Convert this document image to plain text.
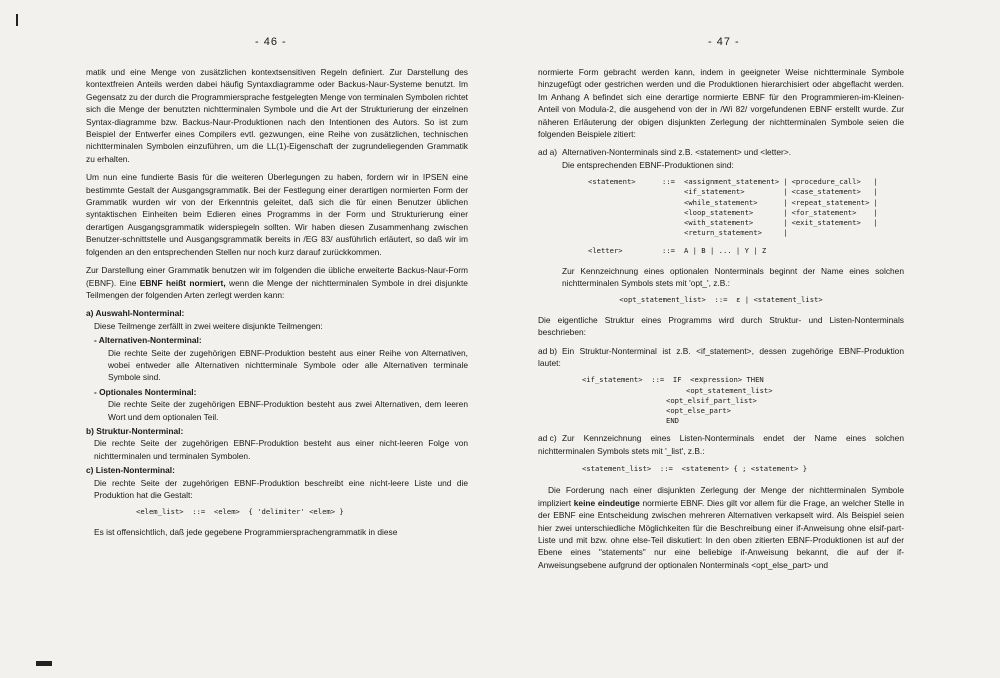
- 46 -

matik und eine Menge von zusätzlichen kontextsensitiven Regeln definiert. Zur Darstellung des kontextfreien Anteils werden dabei häufig Syntaxdiagramme oder Backus-Naur-Systeme benutzt. Im Gegensatz zu der durch die Programmiersprache festgelegten Menge von terminalen Symbolen richtet sich die Menge der benutzten nichtterminalen Symbole und die Art der Strukturierung der einzelnen Syntax-diagramme bzw. Backus-Naur-Produktionen nach den Intentionen des Autors. So ist zum Beispiel der Entwerfer eines Compilers evtl. gezwungen, eine Reihe von zusätzlichen, technischen nichtterminalen Symbolen einzuführen, um die LL(1)-Eigenschaft der zugrundeliegenden Grammatik zu erhalten.

Um nun eine fundierte Basis für die weiteren Überlegungen zu haben, fordern wir in IPSEN eine bestimmte Gestalt der Ausgangsgrammatik. Bei der Festlegung einer derartigen normierten Form der Grammatik wurden wir von der Erkenntnis geleitet, daß sich die für einen Benutzer üblichen syntaktischen Einheiten beim Edieren eines Programms in der Form und Strukturierung einer derartigen Ausgangsgrammatik widerspiegeln sollten. Wir haben diesen Zusammenhang zwischen Benutzer-schnittstelle und Ausgangsgrammatik bereits in /EG 83/ ausführlich erläutert, so daß wir im folgenden an den entsprechenden Stellen nur noch kurz darauf zurückkommen.

Zur Darstellung einer Grammatik benutzen wir im folgenden die übliche erweiterte Backus-Naur-Form (EBNF). Eine EBNF heißt normiert, wenn die Menge der nichtterminalen Symbole in drei disjunkte Teilmengen der folgenden Arten zerlegt werden kann:

a) Auswahl-Nonterminal:
Diese Teilmenge zerfällt in zwei weitere disjunkte Teilmengen:
- Alternativen-Nonterminal:
Die rechte Seite der zugehörigen EBNF-Produktion besteht aus einer Reihe von Alternativen, wobei entweder alle Alternativen nichtterminale Symbole oder alle Alternativen terminale Symbole sind.
- Optionales Nonterminal:
Die rechte Seite der zugehörigen EBNF-Produktion besteht aus zwei Alternativen, dem leeren Wort und dem optionalen Teil.
b) Struktur-Nonterminal:
Die rechte Seite der zugehörigen EBNF-Produktion besteht aus einer nicht-leeren Folge von nichtterminalen und terminalen Symbolen.
c) Listen-Nonterminal:
Die rechte Seite der zugehörigen EBNF-Produktion beschreibt eine nicht-leere Liste und die Produktion hat die Gestalt:
<elem_list>  ::=  <elem>  { 'delimiter' <elem> }
Es ist offensichtlich, daß jede gegebene Programmiersprachengrammatik in diese
- 47 -

normierte Form gebracht werden kann, indem in geeigneter Weise nichtterminale Symbole hinzugefügt oder gestrichen werden und die Produktionen hierarchisiert oder abgeflacht werden. Im Anhang A befindet sich eine derartige normierte EBNF für den Programmieren-im-Kleinen-Anteil von Modula-2, die ausgehend von der in /Wi 82/ vorgefundenen EBNF erstellt wurde. Zur näheren Erläuterung der obigen disjunkten Zerlegung der nichtterminalen Symbole seien die folgenden Beispiele zitiert:

ad a) Alternativen-Nonterminals sind z.B. <statement> und <letter>.
Die entsprechenden EBNF-Produktionen sind:
<statement>	::=	<assignment_statement>	|	<procedure_call>	|
<if_statement>	|	<case_statement>	|
<while_statement>	|	<repeat_statement>	|
<loop_statement>	|	<for_statement>	|
<with_statement>	|	<exit_statement>	|
<return_statement>	|		
<letter>	::=	A | B | ... | Y | Z
Zur Kennzeichnung eines optionalen Nonterminals beginnt der Name eines solchen nichtterminalen Symbols stets mit 'opt_', z.B.:
<opt_statement_list>  ::=  ε | <statement_list>

Die eigentliche Struktur eines Programms wird durch Struktur- und Listen-Nonterminals beschrieben:

ad b) Ein Struktur-Nonterminal ist z.B. <if_statement>, dessen zugehörige EBNF-Produktion lautet:
<if_statement>  ::=  IF  <expression> THEN
<opt_statement_list>
<opt_elsif_part_list>
<opt_else_part>
END
ad c) Zur Kennzeichnung eines Listen-Nonterminals endet der Name eines solchen nichtterminalen Symbols stets mit '_list', z.B.:
<statement_list>  ::=  <statement> { ; <statement> }

Die Forderung nach einer disjunkten Zerlegung der Menge der nichtterminalen Symbole impliziert keine eindeutige normierte EBNF. Dies gilt vor allem für die Frage, an welcher Stelle in der EBNF eine Entscheidung zwischen mehreren Alternativen verkapselt wird. Als Beispiel seien hier zwei unterschiedliche Möglichkeiten für die Beschreibung einer if-Anweisung ohne elsif-part-Liste und mit bzw. ohne else-Teil diskutiert: In den oben zitierten EBNF-Produktionen ist auf der Ebene eines "statements" nur eine beliebige if-Anweisung bekannt, die auf der if-Anweisungsebene aufgrund der optionalen Nonterminals <opt_else_part> und
